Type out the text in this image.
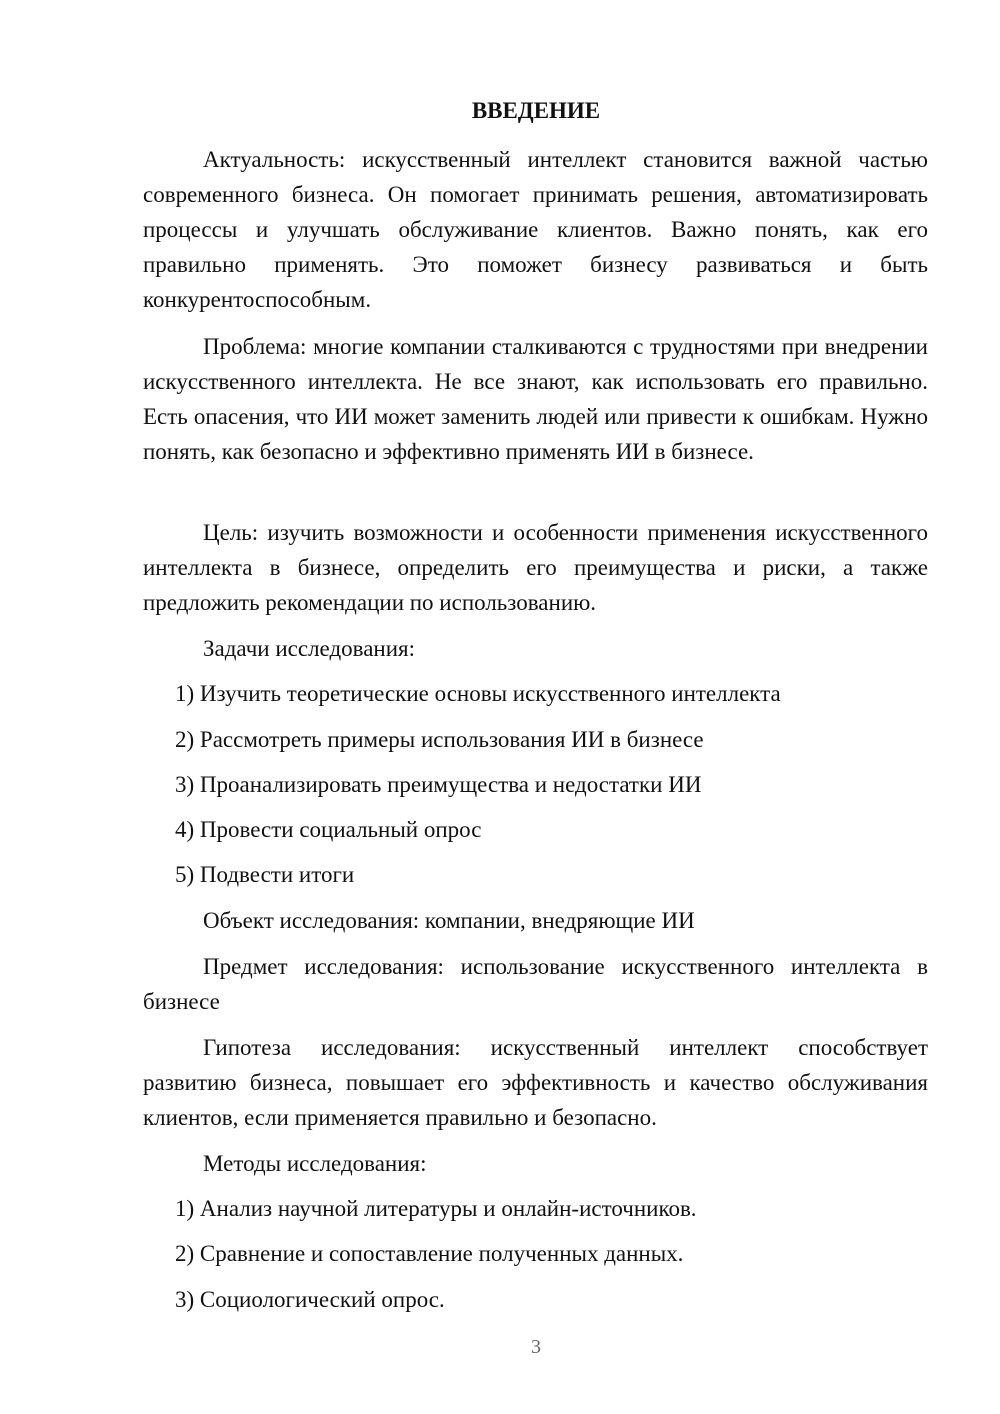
ВВЕДЕНИЕ
Актуальность: искусственный интеллект становится важной частью современного бизнеса. Он помогает принимать решения, автоматизировать процессы и улучшать обслуживание клиентов. Важно понять, как его правильно применять. Это поможет бизнесу развиваться и быть конкурентоспособным.
Проблема: многие компании сталкиваются с трудностями при внедрении искусственного интеллекта. Не все знают, как использовать его правильно. Есть опасения, что ИИ может заменить людей или привести к ошибкам. Нужно понять, как безопасно и эффективно применять ИИ в бизнесе.
Цель: изучить возможности и особенности применения искусственного интеллекта в бизнесе, определить его преимущества и риски, а также предложить рекомендации по использованию.
Задачи исследования:
1) Изучить теоретические основы искусственного интеллекта
2) Рассмотреть примеры использования ИИ в бизнесе
3) Проанализировать преимущества и недостатки ИИ
4) Провести социальный опрос
5) Подвести итоги
Объект исследования: компании, внедряющие ИИ
Предмет исследования: использование искусственного интеллекта в бизнесе
Гипотеза исследования: искусственный интеллект способствует развитию бизнеса, повышает его эффективность и качество обслуживания клиентов, если применяется правильно и безопасно.
Методы исследования:
1) Анализ научной литературы и онлайн-источников.
2) Сравнение и сопоставление полученных данных.
3) Социологический опрос.
3
